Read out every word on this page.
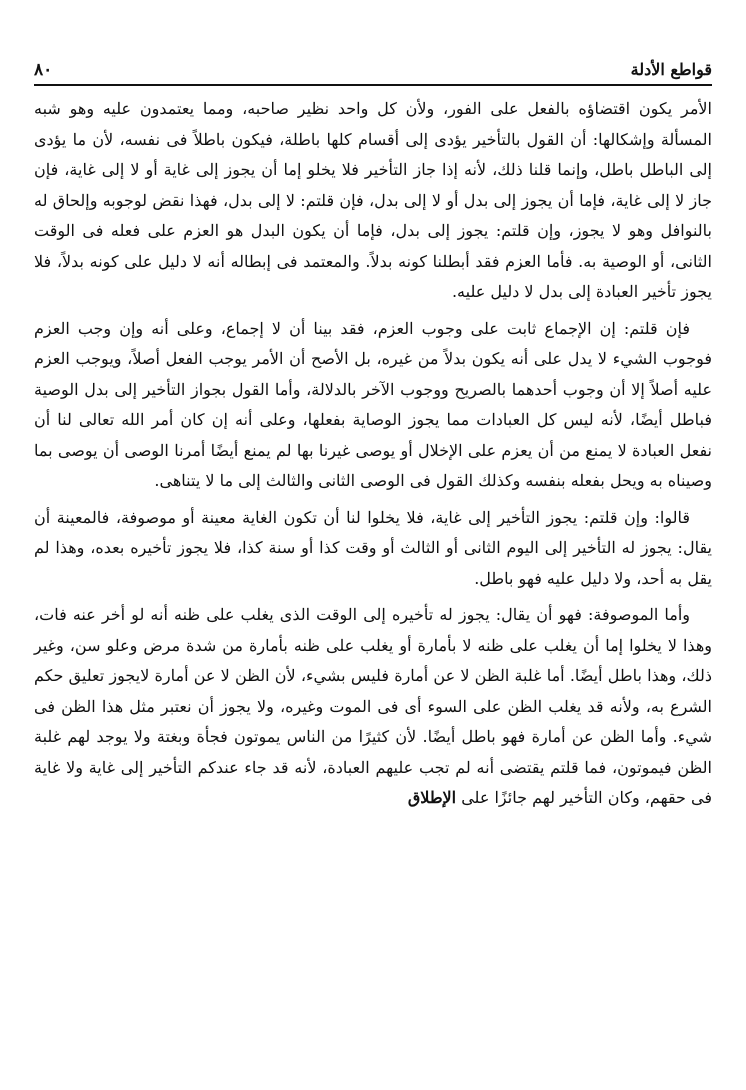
قواطع الأدلة
٨٠

الأمر يكون اقتضاؤه بالفعل على الفور، ولأن كل واحد نظير صاحبه، ومما يعتمدون عليه وهو شبه المسألة وإشكالها: أن القول بالتأخير يؤدى إلى أقسام كلها باطلة، فيكون باطلاً فى نفسه، لأن ما يؤدى إلى الباطل باطل، وإنما قلنا ذلك، لأنه إذا جاز التأخير فلا يخلو إما أن يجوز إلى غاية أو لا إلى غاية، فإن جاز لا إلى غاية، فإما أن يجوز إلى بدل أو لا إلى بدل، فإن قلتم: لا إلى بدل، فهذا نقض لوجوبه وإلحاق له بالنوافل وهو لا يجوز، وإن قلتم: يجوز إلى بدل، فإما أن يكون البدل هو العزم على فعله فى الوقت الثانى، أو الوصية به. فأما العزم فقد أبطلنا كونه بدلاً. والمعتمد فى إبطاله أنه لا دليل على كونه بدلاً، فلا يجوز تأخير العبادة إلى بدل لا دليل عليه.

فإن قلتم: إن الإجماع ثابت على وجوب العزم، فقد بينا أن لا إجماع، وعلى أنه وإن وجب العزم فوجوب الشيء لا يدل على أنه يكون بدلاً من غيره، بل الأصح أن الأمر يوجب الفعل أصلاً، ويوجب العزم عليه أصلاً إلا أن وجوب أحدهما بالصريح ووجوب الآخر بالدلالة، وأما القول بجواز التأخير إلى بدل الوصية فباطل أيضًا، لأنه ليس كل العبادات مما يجوز الوصاية بفعلها، وعلى أنه إن كان أمر الله تعالى لنا أن نفعل العبادة لا يمنع من أن يعزم على الإخلال أو يوصى غيرنا بها لم يمنع أيضًا أمرنا الوصى أن يوصى بما وصيناه به ويحل بفعله بنفسه وكذلك القول فى الوصى الثانى والثالث إلى ما لا يتناهى.

قالوا: وإن قلتم: يجوز التأخير إلى غاية، فلا يخلوا لنا أن تكون الغاية معينة أو موصوفة، فالمعينة أن يقال: يجوز له التأخير إلى اليوم الثانى أو الثالث أو وقت كذا أو سنة كذا، فلا يجوز تأخيره بعده، وهذا لم يقل به أحد، ولا دليل عليه فهو باطل.

وأما الموصوفة: فهو أن يقال: يجوز له تأخيره إلى الوقت الذى يغلب على ظنه أنه لو أخر عنه فات، وهذا لا يخلوا إما أن يغلب على ظنه لا بأمارة أو يغلب على ظنه بأمارة من شدة مرض وعلو سن، وغير ذلك، وهذا باطل أيضًا. أما غلبة الظن لا عن أمارة فليس بشيء، لأن الظن لا عن أمارة لايجوز تعليق حكم الشرع به، ولأنه قد يغلب الظن على السوء أى فى الموت وغيره، ولا يجوز أن نعتبر مثل هذا الظن فى شيء. وأما الظن عن أمارة فهو باطل أيضًا. لأن كثيرًا من الناس يموتون فجأة وبغتة ولا يوجد لهم غلبة الظن فيموتون، فما قلتم يقتضى أنه لم تجب عليهم العبادة، لأنه قد جاء عندكم التأخير إلى غاية ولا غاية فى حقهم، وكان التأخير لهم جائزًا على الإطلاق
